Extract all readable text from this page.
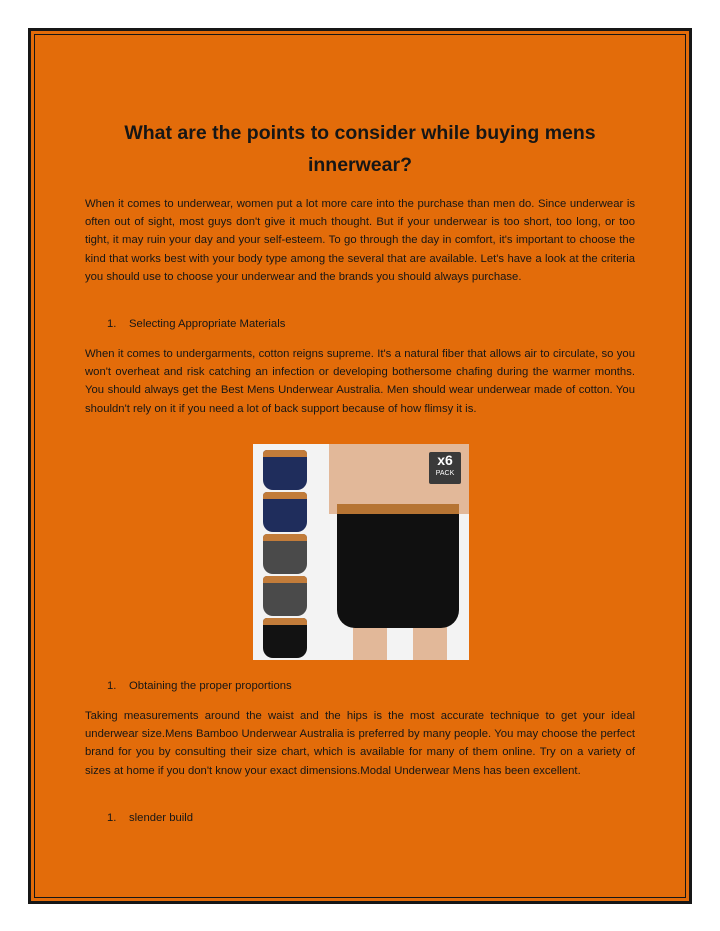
What are the points to consider while buying mens innerwear?

When it comes to underwear, women put a lot more care into the purchase than men do. Since underwear is often out of sight, most guys don't give it much thought. But if your underwear is too short, too long, or too tight, it may ruin your day and your self-esteem. To go through the day in comfort, it's important to choose the kind that works best with your body type among the several that are available. Let's have a look at the criteria you should use to choose your underwear and the brands you should always purchase.

1. Selecting Appropriate Materials

When it comes to undergarments, cotton reigns supreme. It's a natural fiber that allows air to circulate, so you won't overheat and risk catching an infection or developing bothersome chafing during the warmer months. You should always get the Best Mens Underwear Australia. Men should wear underwear made of cotton. You shouldn't rely on it if you need a lot of back support because of how flimsy it is.

x6
PACK

1. Obtaining the proper proportions

Taking measurements around the waist and the hips is the most accurate technique to get your ideal underwear size.Mens Bamboo Underwear Australia is preferred by many people. You may choose the perfect brand for you by consulting their size chart, which is available for many of them online. Try on a variety of sizes at home if you don't know your exact dimensions.Modal Underwear Mens has been excellent.

1. slender build
